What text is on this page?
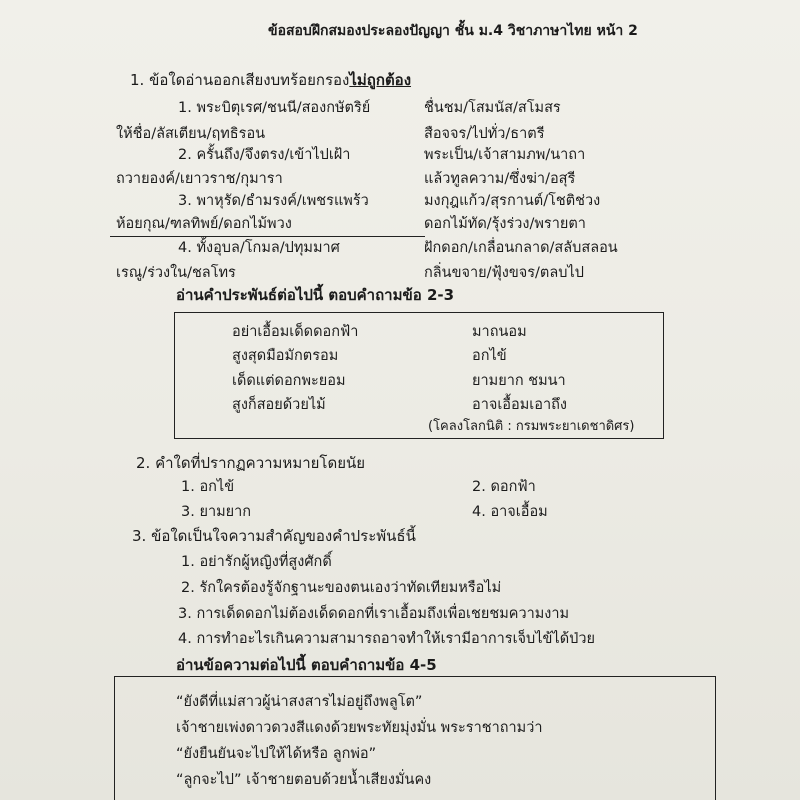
ข้อสอบฝึกสมองประลองปัญญา ชั้น ม.4 วิชาภาษาไทย หน้า 2
1. ข้อใดอ่านออกเสียงบทร้อยกรองไม่ถูกต้อง
1. พระบิตุเรศ/ชนนี/สองกษัตริย์	ชื่นชม/โสมนัส/สโมสร
ให้ชื่อ/ลัสเตียน/ฤทธิรอน	สือจจร/ไปทั่ว/ธาตรี
2. ครั้นถึง/จึงตรง/เข้าไปเฝ้า	พระเป็น/เจ้าสามภพ/นาถา
ถวายองค์/เยาวราช/กุมารา	แล้วทูลความ/ซึ่งฆ่า/อสุรี
3. พาหุรัด/ธำมรงค์/เพชรแพร้ว	มงกุฎแก้ว/สุรกานต์/โชติช่วง
ห้อยกุณ/ฑลทิพย์/ดอกไม้พวง	ดอกไม้ทัด/รุ้งร่วง/พรายตา
4. ทั้งอุบล/โกมล/ปทุมมาศ	ฝักดอก/เกลื่อนกลาด/สลับสลอน
เรณู/ร่วงใน/ชลโทร	กลิ่นขจาย/ฟุ้งขจร/ตลบไป
อ่านคำประพันธ์ต่อไปนี้ ตอบคำถามข้อ 2-3
อย่าเอื้อมเด็ดดอกฟ้า	มาถนอม
สูงสุดมือมักตรอม	อกไข้
เด็ดแต่ดอกพะยอม	ยามยาก ชมนา
สูงก็สอยด้วยไม้	อาจเอื้อมเอาถึง
(โคลงโลกนิติ : กรมพระยาเดชาดิศร)
2. คำใดที่ปรากฏความหมายโดยนัย
1. อกไข้	2. ดอกฟ้า
3. ยามยาก	4. อาจเอื้อม
3. ข้อใดเป็นใจความสำคัญของคำประพันธ์นี้
1. อย่ารักผู้หญิงที่สูงศักดิ์
2. รักใครต้องรู้จักฐานะของตนเองว่าทัดเทียมหรือไม่
3. การเด็ดดอกไม่ต้องเด็ดดอกที่เราเอื้อมถึงเพื่อเชยชมความงาม
4. การทำอะไรเกินความสามารถอาจทำให้เรามีอาการเจ็บไข้ได้ป่วย
อ่านข้อความต่อไปนี้ ตอบคำถามข้อ 4-5
“ยังดีที่แม่สาวผู้น่าสงสารไม่อยู่ถึงพลูโต”
เจ้าชายเพ่งดาวดวงสีแดงด้วยพระทัยมุ่งมั่น พระราชาถามว่า
“ยังยืนยันจะไปให้ได้หรือ ลูกพ่อ”
“ลูกจะไป” เจ้าชายตอบด้วยน้ำเสียงมั่นคง
